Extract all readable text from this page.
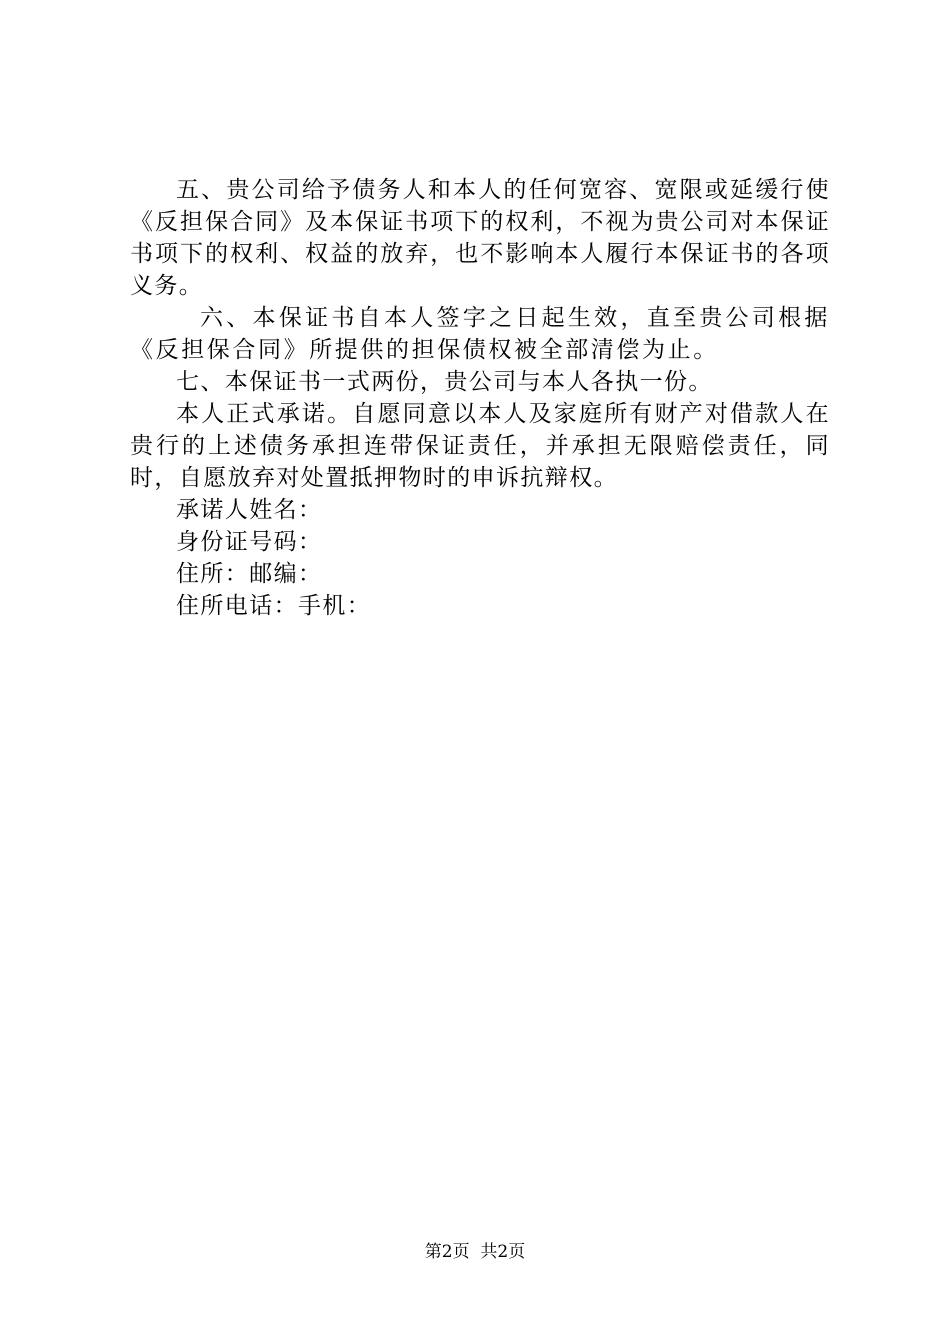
五、贵公司给予债务人和本人的任何宽容、宽限或延缓行使《反担保合同》及本保证书项下的权利，不视为贵公司对本保证书项下的权利、权益的放弃，也不影响本人履行本保证书的各项义务。

六、本保证书自本人签字之日起生效，直至贵公司根据《反担保合同》所提供的担保债权被全部清偿为止。

七、本保证书一式两份，贵公司与本人各执一份。

本人正式承诺。自愿同意以本人及家庭所有财产对借款人在贵行的上述债务承担连带保证责任，并承担无限赔偿责任，同时，自愿放弃对处置抵押物时的申诉抗辩权。

承诺人姓名：

身份证号码：

住所：邮编：

住所电话：手机：

第2页  共2页
